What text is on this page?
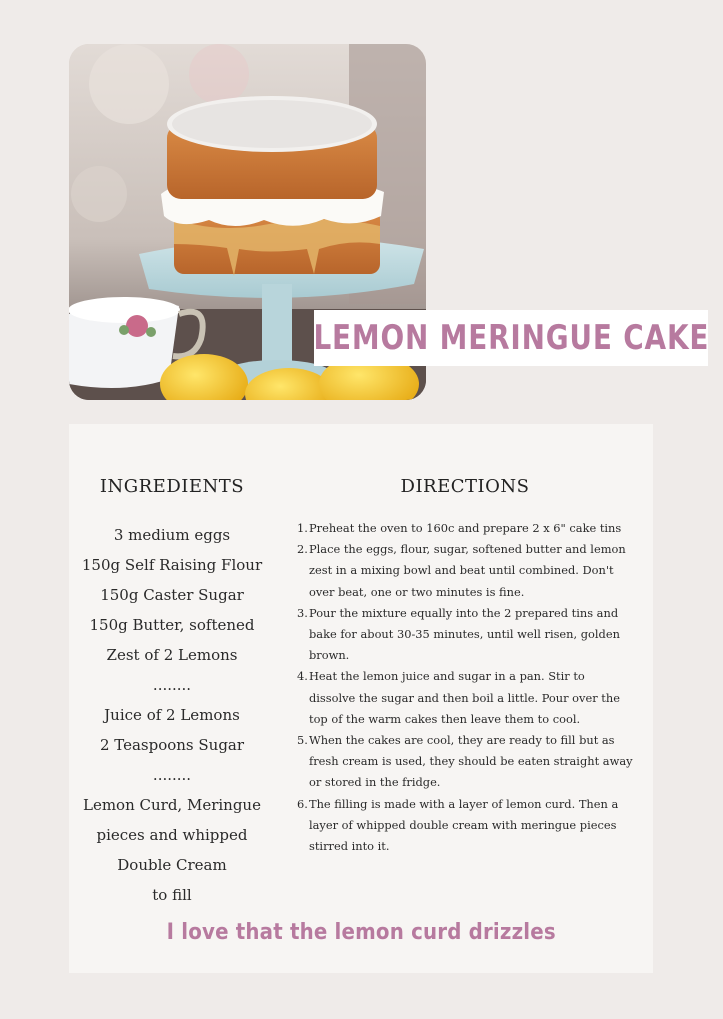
LEMON MERINGUE CAKE
INGREDIENTS
3 medium eggs
150g Self Raising Flour
150g Caster Sugar
150g Butter, softened
Zest of 2 Lemons
........
Juice of 2 Lemons
2 Teaspoons Sugar
........
Lemon Curd, Meringue
pieces and whipped
Double Cream
to fill
DIRECTIONS
1. Preheat the oven to 160c and prepare 2 x 6" cake tins
2. Place the eggs, flour, sugar, softened butter and lemon zest in a mixing bowl and beat until combined. Don't over beat, one or two minutes is fine.
3. Pour the mixture equally into the 2 prepared tins and bake for about 30-35 minutes, until well risen, golden brown.
4. Heat the lemon juice and sugar in a pan. Stir to dissolve the sugar and then boil a little. Pour over the top of the warm cakes then leave them to cool.
5. When the cakes are cool, they are ready to fill but as fresh cream is used, they should be eaten straight away or stored in the fridge.
6. The filling is made with a layer of lemon curd. Then a layer of whipped double cream with meringue pieces stirred into it.
I love that the lemon curd drizzles
